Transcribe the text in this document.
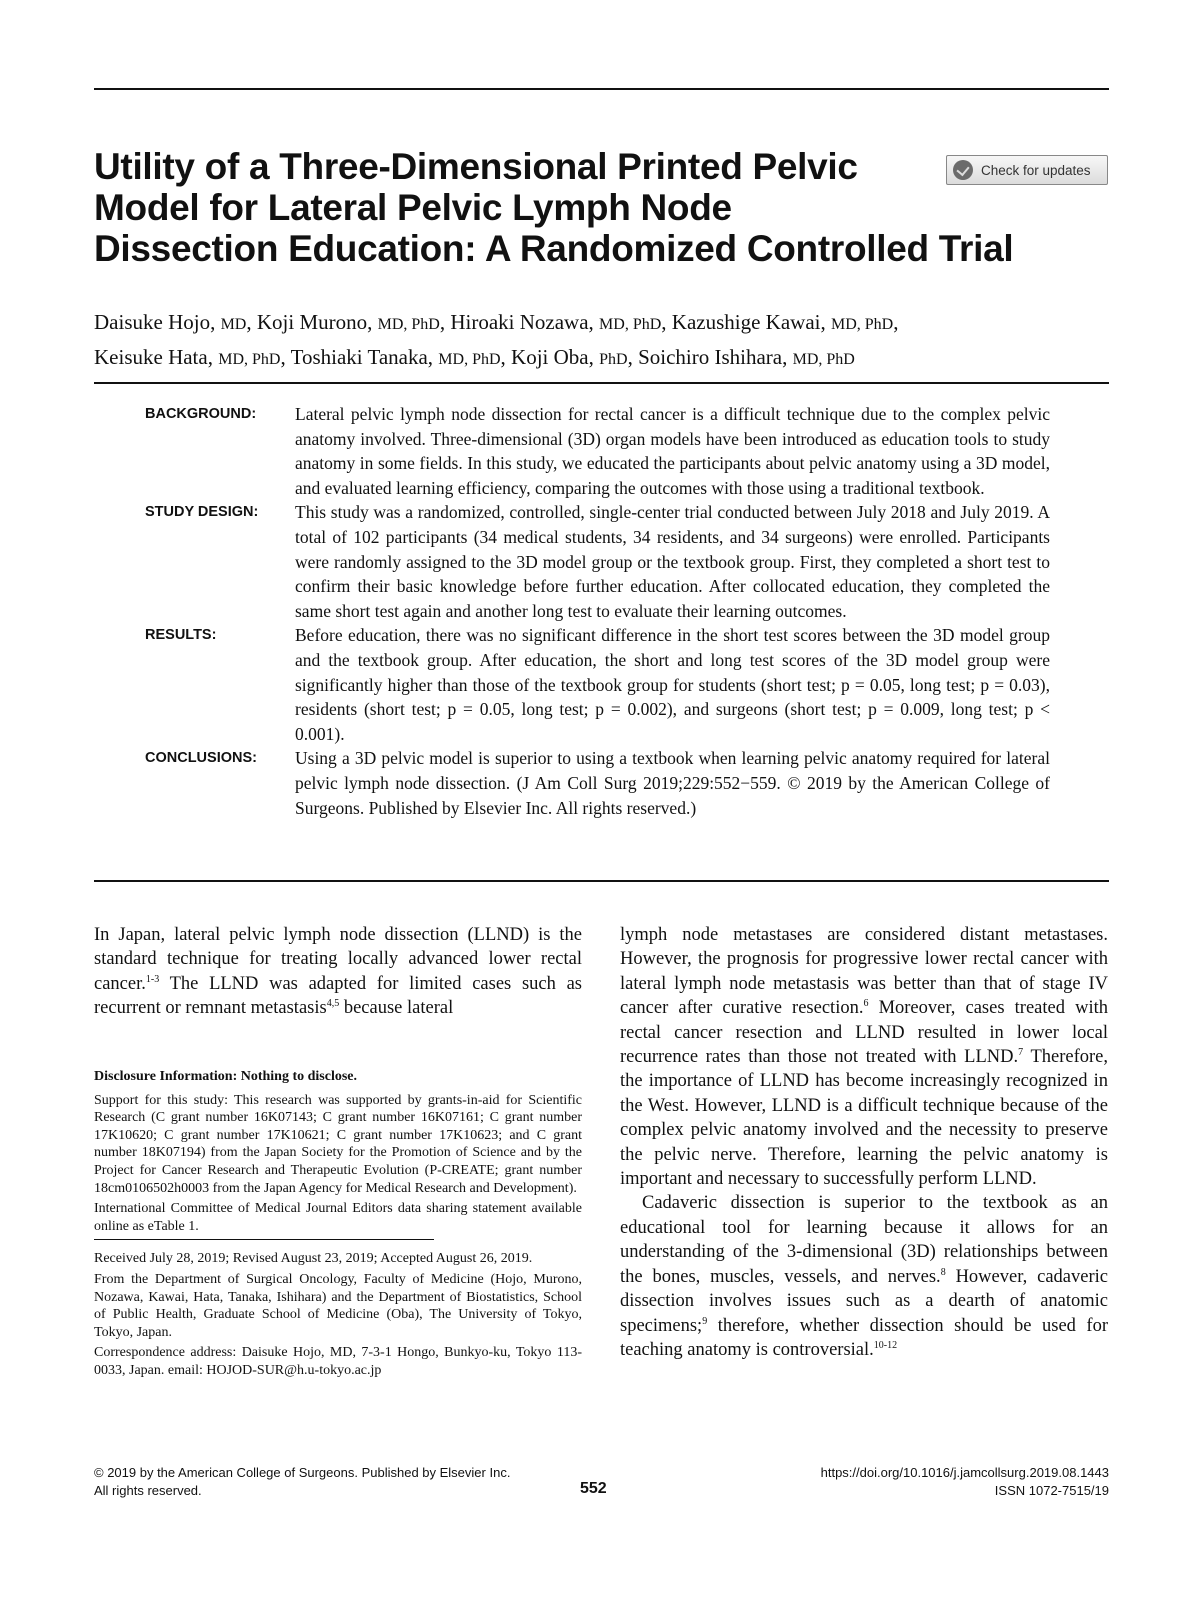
Utility of a Three-Dimensional Printed Pelvic
Model for Lateral Pelvic Lymph Node
Dissection Education: A Randomized Controlled Trial
Check for updates
Daisuke Hojo, MD, Koji Murono, MD, PhD, Hiroaki Nozawa, MD, PhD, Kazushige Kawai, MD, PhD,
Keisuke Hata, MD, PhD, Toshiaki Tanaka, MD, PhD, Koji Oba, PhD, Soichiro Ishihara, MD, PhD
BACKGROUND:	Lateral pelvic lymph node dissection for rectal cancer is a difficult technique due to the complex pelvic anatomy involved. Three-dimensional (3D) organ models have been introduced as education tools to study anatomy in some fields. In this study, we educated the participants about pelvic anatomy using a 3D model, and evaluated learning efficiency, comparing the outcomes with those using a traditional textbook.
STUDY DESIGN:	This study was a randomized, controlled, single-center trial conducted between July 2018 and July 2019. A total of 102 participants (34 medical students, 34 residents, and 34 surgeons) were enrolled. Participants were randomly assigned to the 3D model group or the textbook group. First, they completed a short test to confirm their basic knowledge before further education. After collocated education, they completed the same short test again and another long test to evaluate their learning outcomes.
RESULTS:	Before education, there was no significant difference in the short test scores between the 3D model group and the textbook group. After education, the short and long test scores of the 3D model group were significantly higher than those of the textbook group for students (short test; p = 0.05, long test; p = 0.03), residents (short test; p = 0.05, long test; p = 0.002), and surgeons (short test; p = 0.009, long test; p < 0.001).
CONCLUSIONS:	Using a 3D pelvic model is superior to using a textbook when learning pelvic anatomy required for lateral pelvic lymph node dissection. (J Am Coll Surg 2019;229:552−559. © 2019 by the American College of Surgeons. Published by Elsevier Inc. All rights reserved.)

In Japan, lateral pelvic lymph node dissection (LLND) is the standard technique for treating locally advanced lower rectal cancer.$^{1-3}$ The LLND was adapted for limited cases such as recurrent or remnant metastasis$^{4,5}$ because lateral

Disclosure Information: Nothing to disclose.

Support for this study: This research was supported by grants-in-aid for Scientific Research (C grant number 16K07143; C grant number 16K07161; C grant number 17K10620; C grant number 17K10621; C grant number 17K10623; and C grant number 18K07194) from the Japan Society for the Promotion of Science and by the Project for Cancer Research and Therapeutic Evolution (P-CREATE; grant number 18cm0106502h0003 from the Japan Agency for Medical Research and Development).

International Committee of Medical Journal Editors data sharing statement available online as eTable 1.

Received July 28, 2019; Revised August 23, 2019; Accepted August 26, 2019.

From the Department of Surgical Oncology, Faculty of Medicine (Hojo, Murono, Nozawa, Kawai, Hata, Tanaka, Ishihara) and the Department of Biostatistics, School of Public Health, Graduate School of Medicine (Oba), The University of Tokyo, Tokyo, Japan.

Correspondence address: Daisuke Hojo, MD, 7-3-1 Hongo, Bunkyo-ku, Tokyo 113-0033, Japan. email: HOJOD-SUR@h.u-tokyo.ac.jp

lymph node metastases are considered distant metastases. However, the prognosis for progressive lower rectal cancer with lateral lymph node metastasis was better than that of stage IV cancer after curative resection.$^6$ Moreover, cases treated with rectal cancer resection and LLND resulted in lower local recurrence rates than those not treated with LLND.$^7$ Therefore, the importance of LLND has become increasingly recognized in the West. However, LLND is a difficult technique because of the complex pelvic anatomy involved and the necessity to preserve the pelvic nerve. Therefore, learning the pelvic anatomy is important and necessary to successfully perform LLND.

Cadaveric dissection is superior to the textbook as an educational tool for learning because it allows for an understanding of the 3-dimensional (3D) relationships between the bones, muscles, vessels, and nerves.$^8$ However, cadaveric dissection involves issues such as a dearth of anatomic specimens;$^9$ therefore, whether dissection should be used for teaching anatomy is controversial.$^{10-12}$

© 2019 by the American College of Surgeons. Published by Elsevier Inc.
All rights reserved.	552
https://doi.org/10.1016/j.jamcollsurg.2019.08.1443
ISSN 1072-7515/19
